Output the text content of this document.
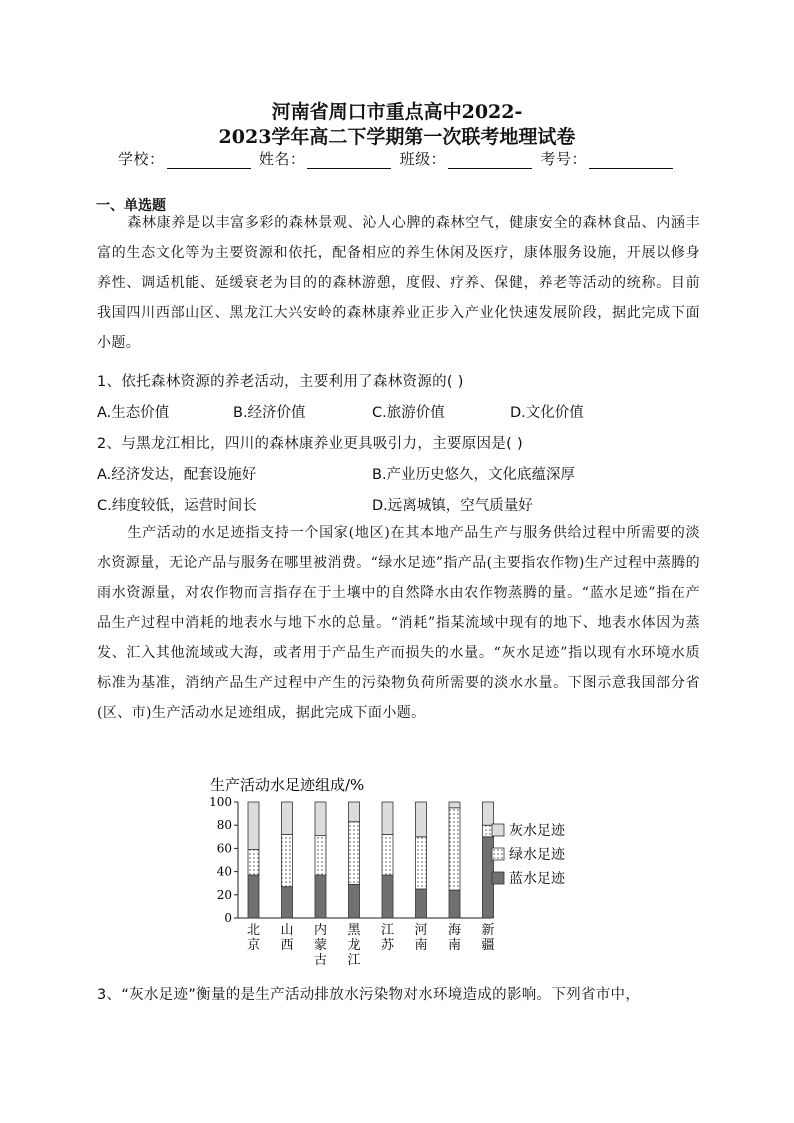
河南省周口市重点高中2022-
2023学年高二下学期第一次联考地理试卷
学校：	姓名：	班级：	考号：
一、单选题
森林康养是以丰富多彩的森林景观、沁人心脾的森林空气，健康安全的森林食品、内涵丰富的生态文化等为主要资源和依托，配备相应的养生休闲及医疗，康体服务设施，开展以修身养性、调适机能、延缓衰老为目的的森林游憩，度假、疗养、保健，养老等活动的统称。目前我国四川西部山区、黑龙江大兴安岭的森林康养业正步入产业化快速发展阶段，据此完成下面小题。
1、依托森林资源的养老活动，主要利用了森林资源的( )
A.生态价值	B.经济价值	C.旅游价值	D.文化价值
2、与黑龙江相比，四川的森林康养业更具吸引力，主要原因是( )
A.经济发达，配套设施好	B.产业历史悠久，文化底蕴深厚
C.纬度较低，运营时间长	D.远离城镇，空气质量好
生产活动的水足迹指支持一个国家(地区)在其本地产品生产与服务供给过程中所需要的淡水资源量，无论产品与服务在哪里被消费。“绿水足迹”指产品(主要指农作物)生产过程中蒸腾的雨水资源量，对农作物而言指存在于土壤中的自然降水由农作物蒸腾的量。“蓝水足迹”指在产品生产过程中消耗的地表水与地下水的总量。“消耗”指某流域中现有的地下、地表水体因为蒸发、汇入其他流域或大海，或者用于产品生产而损失的水量。“灰水足迹”指以现有水环境水质标准为基准，消纳产品生产过程中产生的污染物负荷所需要的淡水水量。下图示意我国部分省(区、市)生产活动水足迹组成，据此完成下面小题。
生产活动水足迹组成/%
0
20
40
60
80
100
北
京
山
西
内
蒙
古
黑
龙
江
江
苏
河
南
海
南
新
疆
灰水足迹
绿水足迹
蓝水足迹
3、“灰水足迹”衡量的是生产活动排放水污染物对水环境造成的影响。下列省市中，
